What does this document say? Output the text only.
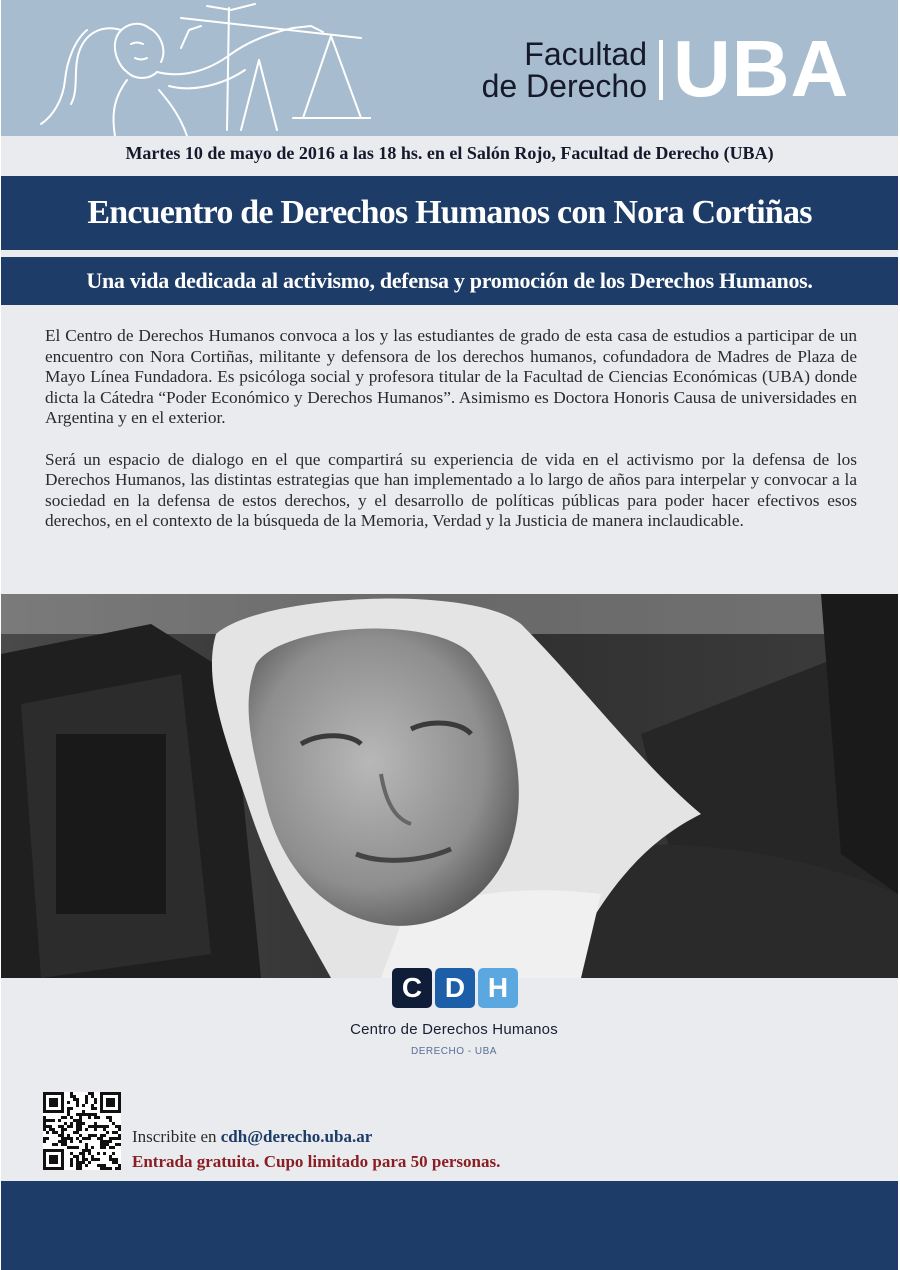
Facultad
de Derecho UBA
Martes 10 de mayo de 2016 a las 18 hs. en el Salón Rojo, Facultad de Derecho (UBA)
Encuentro de Derechos Humanos con Nora Cortiñas
Una vida dedicada al activismo, defensa y promoción de los Derechos Humanos.

El Centro de Derechos Humanos convoca a los y las estudiantes de grado de esta casa de estudios a participar de un encuentro con Nora Cortiñas, militante y defensora de los derechos humanos, cofundadora de Madres de Plaza de Mayo Línea Fundadora. Es psicóloga social y profesora titular de la Facultad de Ciencias Económicas (UBA) donde dicta la Cátedra “Poder Económico y Derechos Humanos”. Asimismo es Doctora Honoris Causa de universidades en Argentina y en el exterior.

Será un espacio de dialogo en el que compartirá su experiencia de vida en el activismo por la defensa de los Derechos Humanos, las distintas estrategias que han implementado a lo largo de años para interpelar y convocar a la sociedad en la defensa de estos derechos, y el desarrollo de políticas públicas para poder hacer efectivos esos derechos, en el contexto de la búsqueda de la Memoria, Verdad y la Justicia de manera inclaudicable.

C D H
Centro de Derechos Humanos
DERECHO - UBA
Inscribite en cdh@derecho.uba.ar
Entrada gratuita. Cupo limitado para 50 personas.
